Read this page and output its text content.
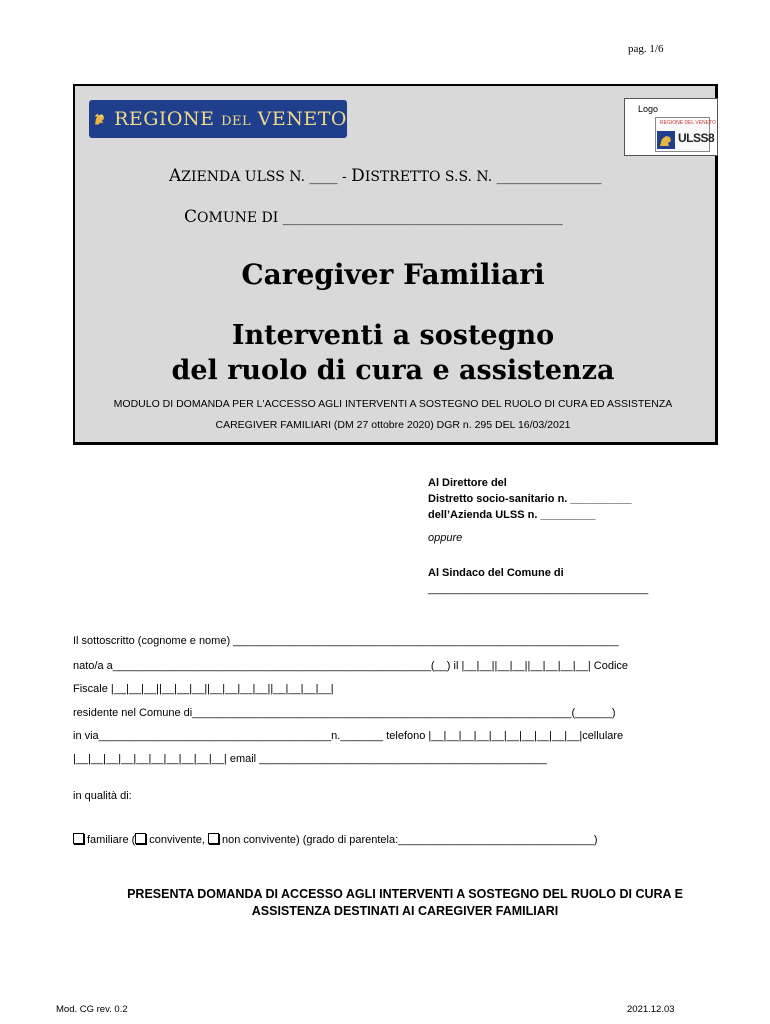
pag. 1/6
REGIONE DEL VENETO	Logo
REGIONE DEL VENETO
ULSS8
AZIENDA ULSS N. ____ - DISTRETTO S.S. N. _______________
COMUNE DI ________________________________________
Caregiver Familiari
Interventi a sostegno
del ruolo di cura e assistenza
MODULO DI DOMANDA PER L'ACCESSO AGLI INTERVENTI A SOSTEGNO DEL RUOLO DI CURA ED ASSISTENZA
CAREGIVER FAMILIARI (DM 27 ottobre 2020) DGR n. 295 DEL 16/03/2021
Al Direttore del
Distretto socio-sanitario n. __________
dell’Azienda ULSS n. _________
oppure
Al Sindaco del Comune di
____________________________________
Il sottoscritto (cognome e nome) _______________________________________________________________
nato/a a____________________________________________________(__) il |__|__||__|__||__|__|__|__| Codice
Fiscale |__|__|__||__|__|__||__|__|__|__||__|__|__|__|
residente nel Comune di______________________________________________________________(______)
in via______________________________________n._______ telefono |__|__|__|__|__|__|__|__|__|__|cellulare
|__|__|__|__|__|__|__|__|__|__| email _______________________________________________
in qualità di:
familiare ( convivente, non convivente) (grado di parentela:________________________________)
PRESENTA DOMANDA DI ACCESSO AGLI INTERVENTI A SOSTEGNO DEL RUOLO DI CURA E
ASSISTENZA DESTINATI AI CAREGIVER FAMILIARI
Mod. CG rev. 0.2	2021.12.03
